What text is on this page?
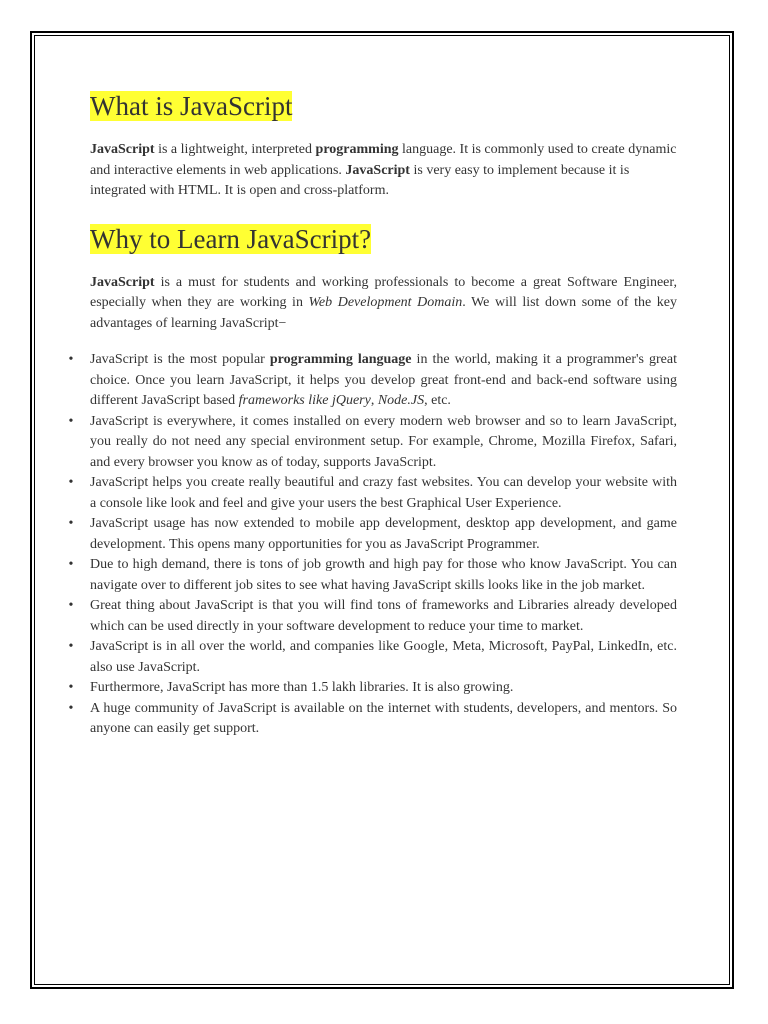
What is JavaScript

JavaScript is a lightweight, interpreted programming language. It is commonly used to create dynamic and interactive elements in web applications. JavaScript is very easy to implement because it is integrated with HTML. It is open and cross-platform.

Why to Learn JavaScript?

JavaScript is a must for students and working professionals to become a great Software Engineer, especially when they are working in Web Development Domain. We will list down some of the key advantages of learning JavaScript−

• JavaScript is the most popular programming language in the world, making it a programmer's great choice. Once you learn JavaScript, it helps you develop great front-end and back-end software using different JavaScript based frameworks like jQuery, Node.JS, etc.
• JavaScript is everywhere, it comes installed on every modern web browser and so to learn JavaScript, you really do not need any special environment setup. For example, Chrome, Mozilla Firefox, Safari, and every browser you know as of today, supports JavaScript.
• JavaScript helps you create really beautiful and crazy fast websites. You can develop your website with a console like look and feel and give your users the best Graphical User Experience.
• JavaScript usage has now extended to mobile app development, desktop app development, and game development. This opens many opportunities for you as JavaScript Programmer.
• Due to high demand, there is tons of job growth and high pay for those who know JavaScript. You can navigate over to different job sites to see what having JavaScript skills looks like in the job market.
• Great thing about JavaScript is that you will find tons of frameworks and Libraries already developed which can be used directly in your software development to reduce your time to market.
• JavaScript is in all over the world, and companies like Google, Meta, Microsoft, PayPal, LinkedIn, etc. also use JavaScript.
• Furthermore, JavaScript has more than 1.5 lakh libraries. It is also growing.
• A huge community of JavaScript is available on the internet with students, developers, and mentors. So anyone can easily get support.
